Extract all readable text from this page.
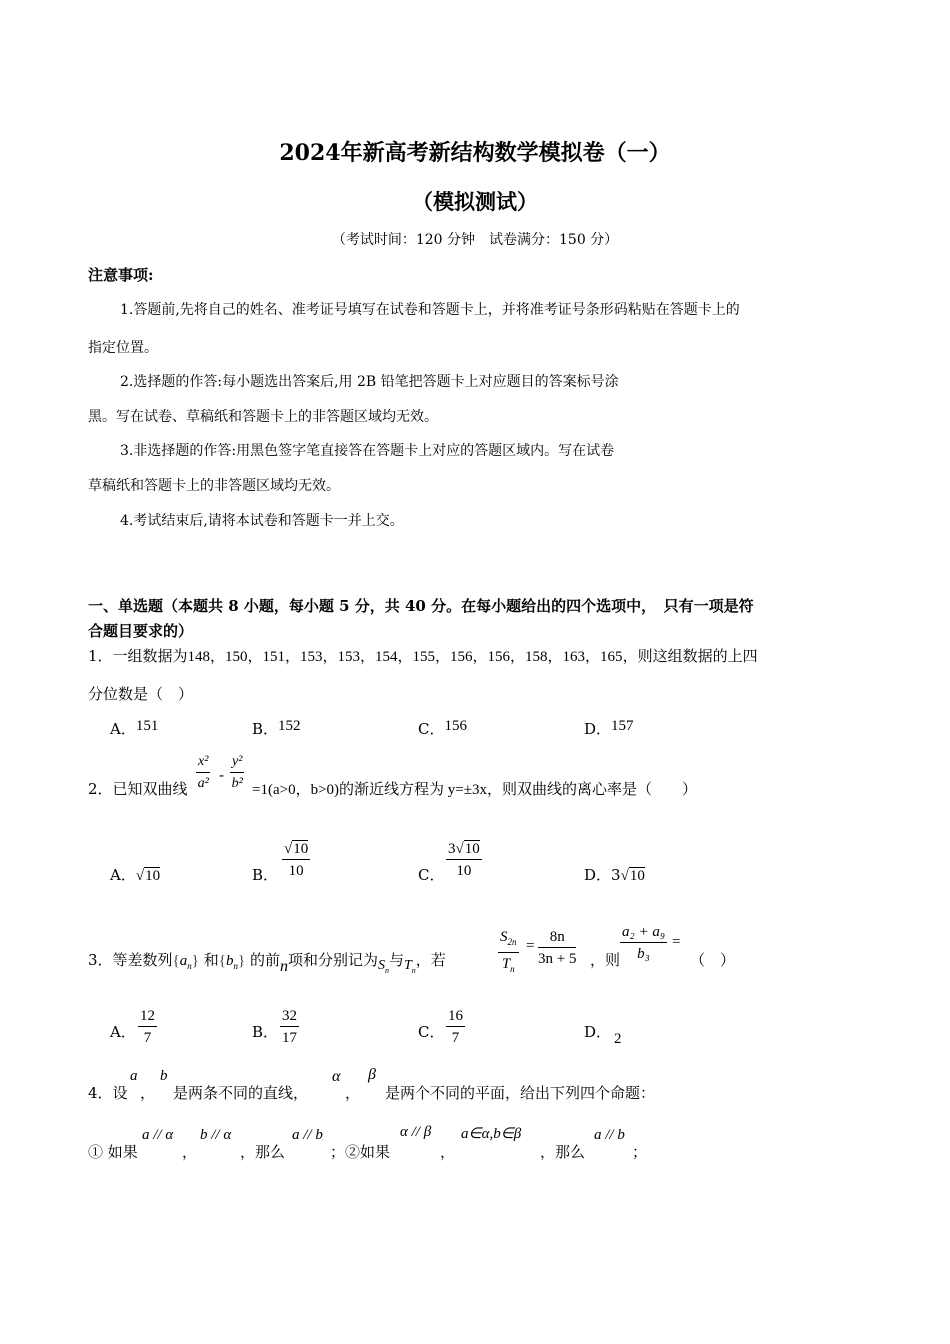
2024年新高考新结构数学模拟卷（一）
（模拟测试）
（考试时间：120 分钟　试卷满分：150 分）
注意事项:
1.答题前,先将自己的姓名、准考证号填写在试卷和答题卡上，并将准考证号条形码粘贴在答题卡上的
指定位置。
2.选择题的作答:每小题选出答案后,用 2B 铅笔把答题卡上对应题目的答案标号涂
黑。写在试卷、草稿纸和答题卡上的非答题区域均无效。
3.非选择题的作答:用黑色签字笔直接答在答题卡上对应的答题区域内。写在试卷
草稿纸和答题卡上的非答题区域均无效。
4.考试结束后,请将本试卷和答题卡一并上交。
一、单选题（本题共 8 小题，每小题 5 分，共 40 分。在每小题给出的四个选项中，　只有一项是符
合题目要求的）
1．一组数据为148，150，151，153，153，154，155，156，156，158，163，165，则这组数据的上四
分位数是（　）
A．151	B．152	C．156	D．157
2．已知双曲线 $\frac{\text{x²}}{\text{a²}} - \frac{\text{y²}}{\text{b²}} =1(a>0$，b>0)的渐近线方程为 y=±3x，则双曲线的离心率是（　　）
A．√10	B． $\frac{√10}{10}$	C． $\frac{3√10}{10}$	D．3√10
3．等差数列$\{a_n\}$ 和$\{b_n\}$ 的前n项和分别记为$S_n$与$T_n$，若	$\frac{S_{2n}}{T_n} = \frac{8n}{3n + 5}$ ，则 $\frac{\text{a₂ + a₉}}{\text{b₃}}$ =
（　）
A． $\frac{12}{7}$	B． $\frac{32}{17}$	C． $\frac{16}{7}$	D． 2
4．设
a
，
b
是两条不同的直线，
α
，
β
是两个不同的平面，给出下列四个命题：
① 如果
a // α
，
b // α
，那么
a // b
；②如果
α // β
，
a∈α,b∈β
，那么
a // b
；
